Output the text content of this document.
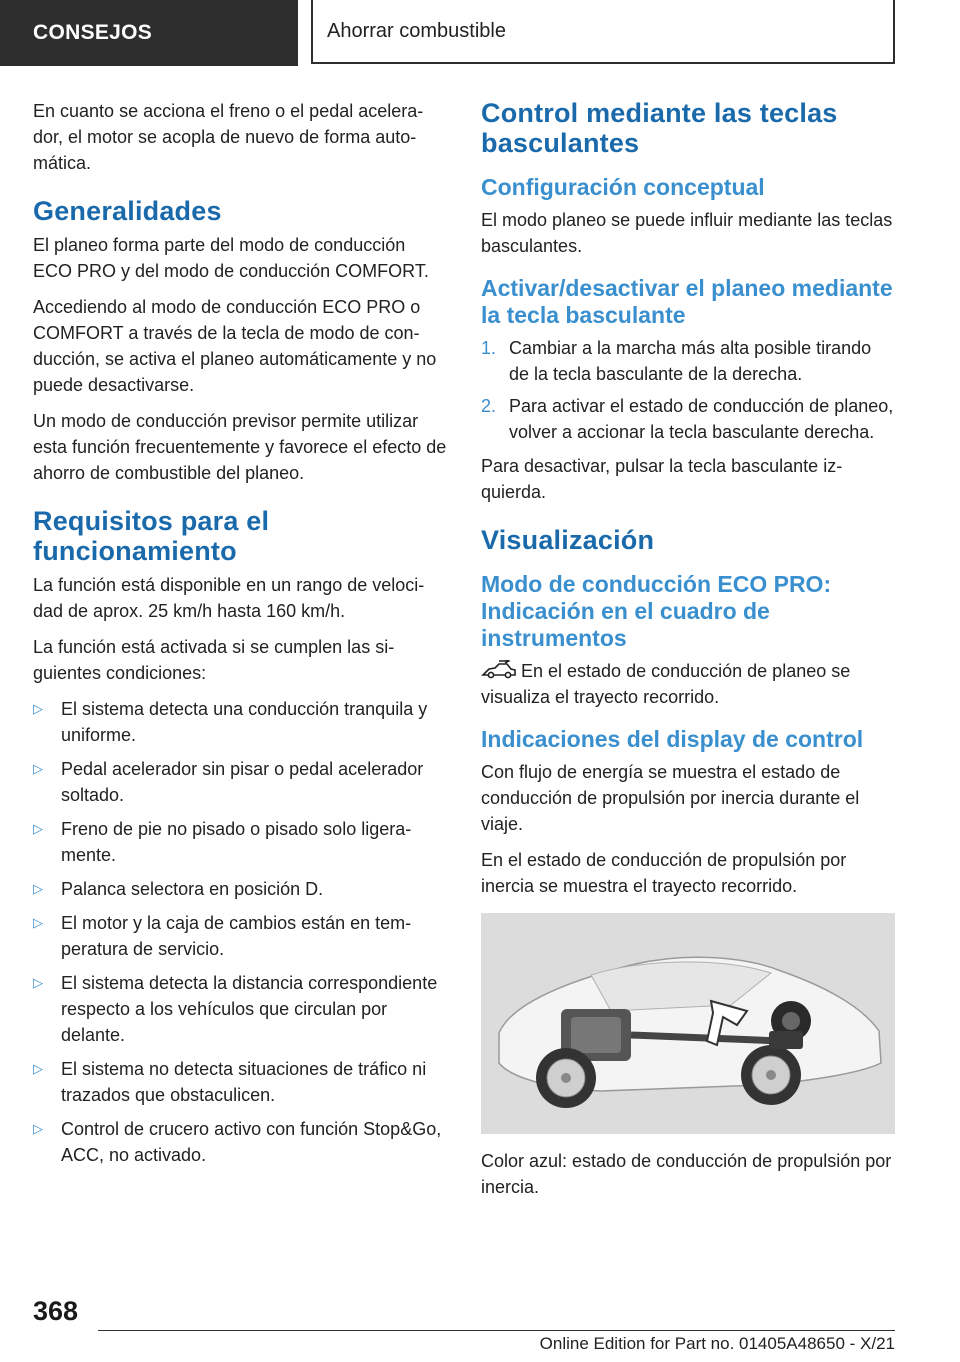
CONSEJOS	Ahorrar combustible

En cuanto se acciona el freno o el pedal acelerador, el motor se acopla de nuevo de forma automática.

Generalidades

El planeo forma parte del modo de conducción ECO PRO y del modo de conducción COMFORT.

Accediendo al modo de conducción ECO PRO o COMFORT a través de la tecla de modo de conducción, se activa el planeo automáticamente y no puede desactivarse.

Un modo de conducción previsor permite utilizar esta función frecuentemente y favorece el efecto de ahorro de combustible del planeo.

Requisitos para el funcionamiento

La función está disponible en un rango de velocidad de aprox. 25 km/h hasta 160 km/h.

La función está activada si se cumplen las siguientes condiciones:

▷ El sistema detecta una conducción tranquila y uniforme.
▷ Pedal acelerador sin pisar o pedal acelerador soltado.
▷ Freno de pie no pisado o pisado solo ligeramente.
▷ Palanca selectora en posición D.
▷ El motor y la caja de cambios están en temperatura de servicio.
▷ El sistema detecta la distancia correspondiente respecto a los vehículos que circulan por delante.
▷ El sistema no detecta situaciones de tráfico ni trazados que obstaculicen.
▷ Control de crucero activo con función Stop&Go, ACC, no activado.
Control mediante las teclas basculantes
Configuración conceptual

El modo planeo se puede influir mediante las teclas basculantes.

Activar/desactivar el planeo mediante la tecla basculante
1. Cambiar a la marcha más alta posible tirando de la tecla basculante de la derecha.
2. Para activar el estado de conducción de planeo, volver a accionar la tecla basculante derecha.

Para desactivar, pulsar la tecla basculante izquierda.

Visualización
Modo de conducción ECO PRO: Indicación en el cuadro de instrumentos

En el estado de conducción de planeo se visualiza el trayecto recorrido.

Indicaciones del display de control

Con flujo de energía se muestra el estado de conducción de propulsión por inercia durante el viaje.

En el estado de conducción de propulsión por inercia se muestra el trayecto recorrido.

Color azul: estado de conducción de propulsión por inercia.

368
Online Edition for Part no. 01405A48650 - X/21
